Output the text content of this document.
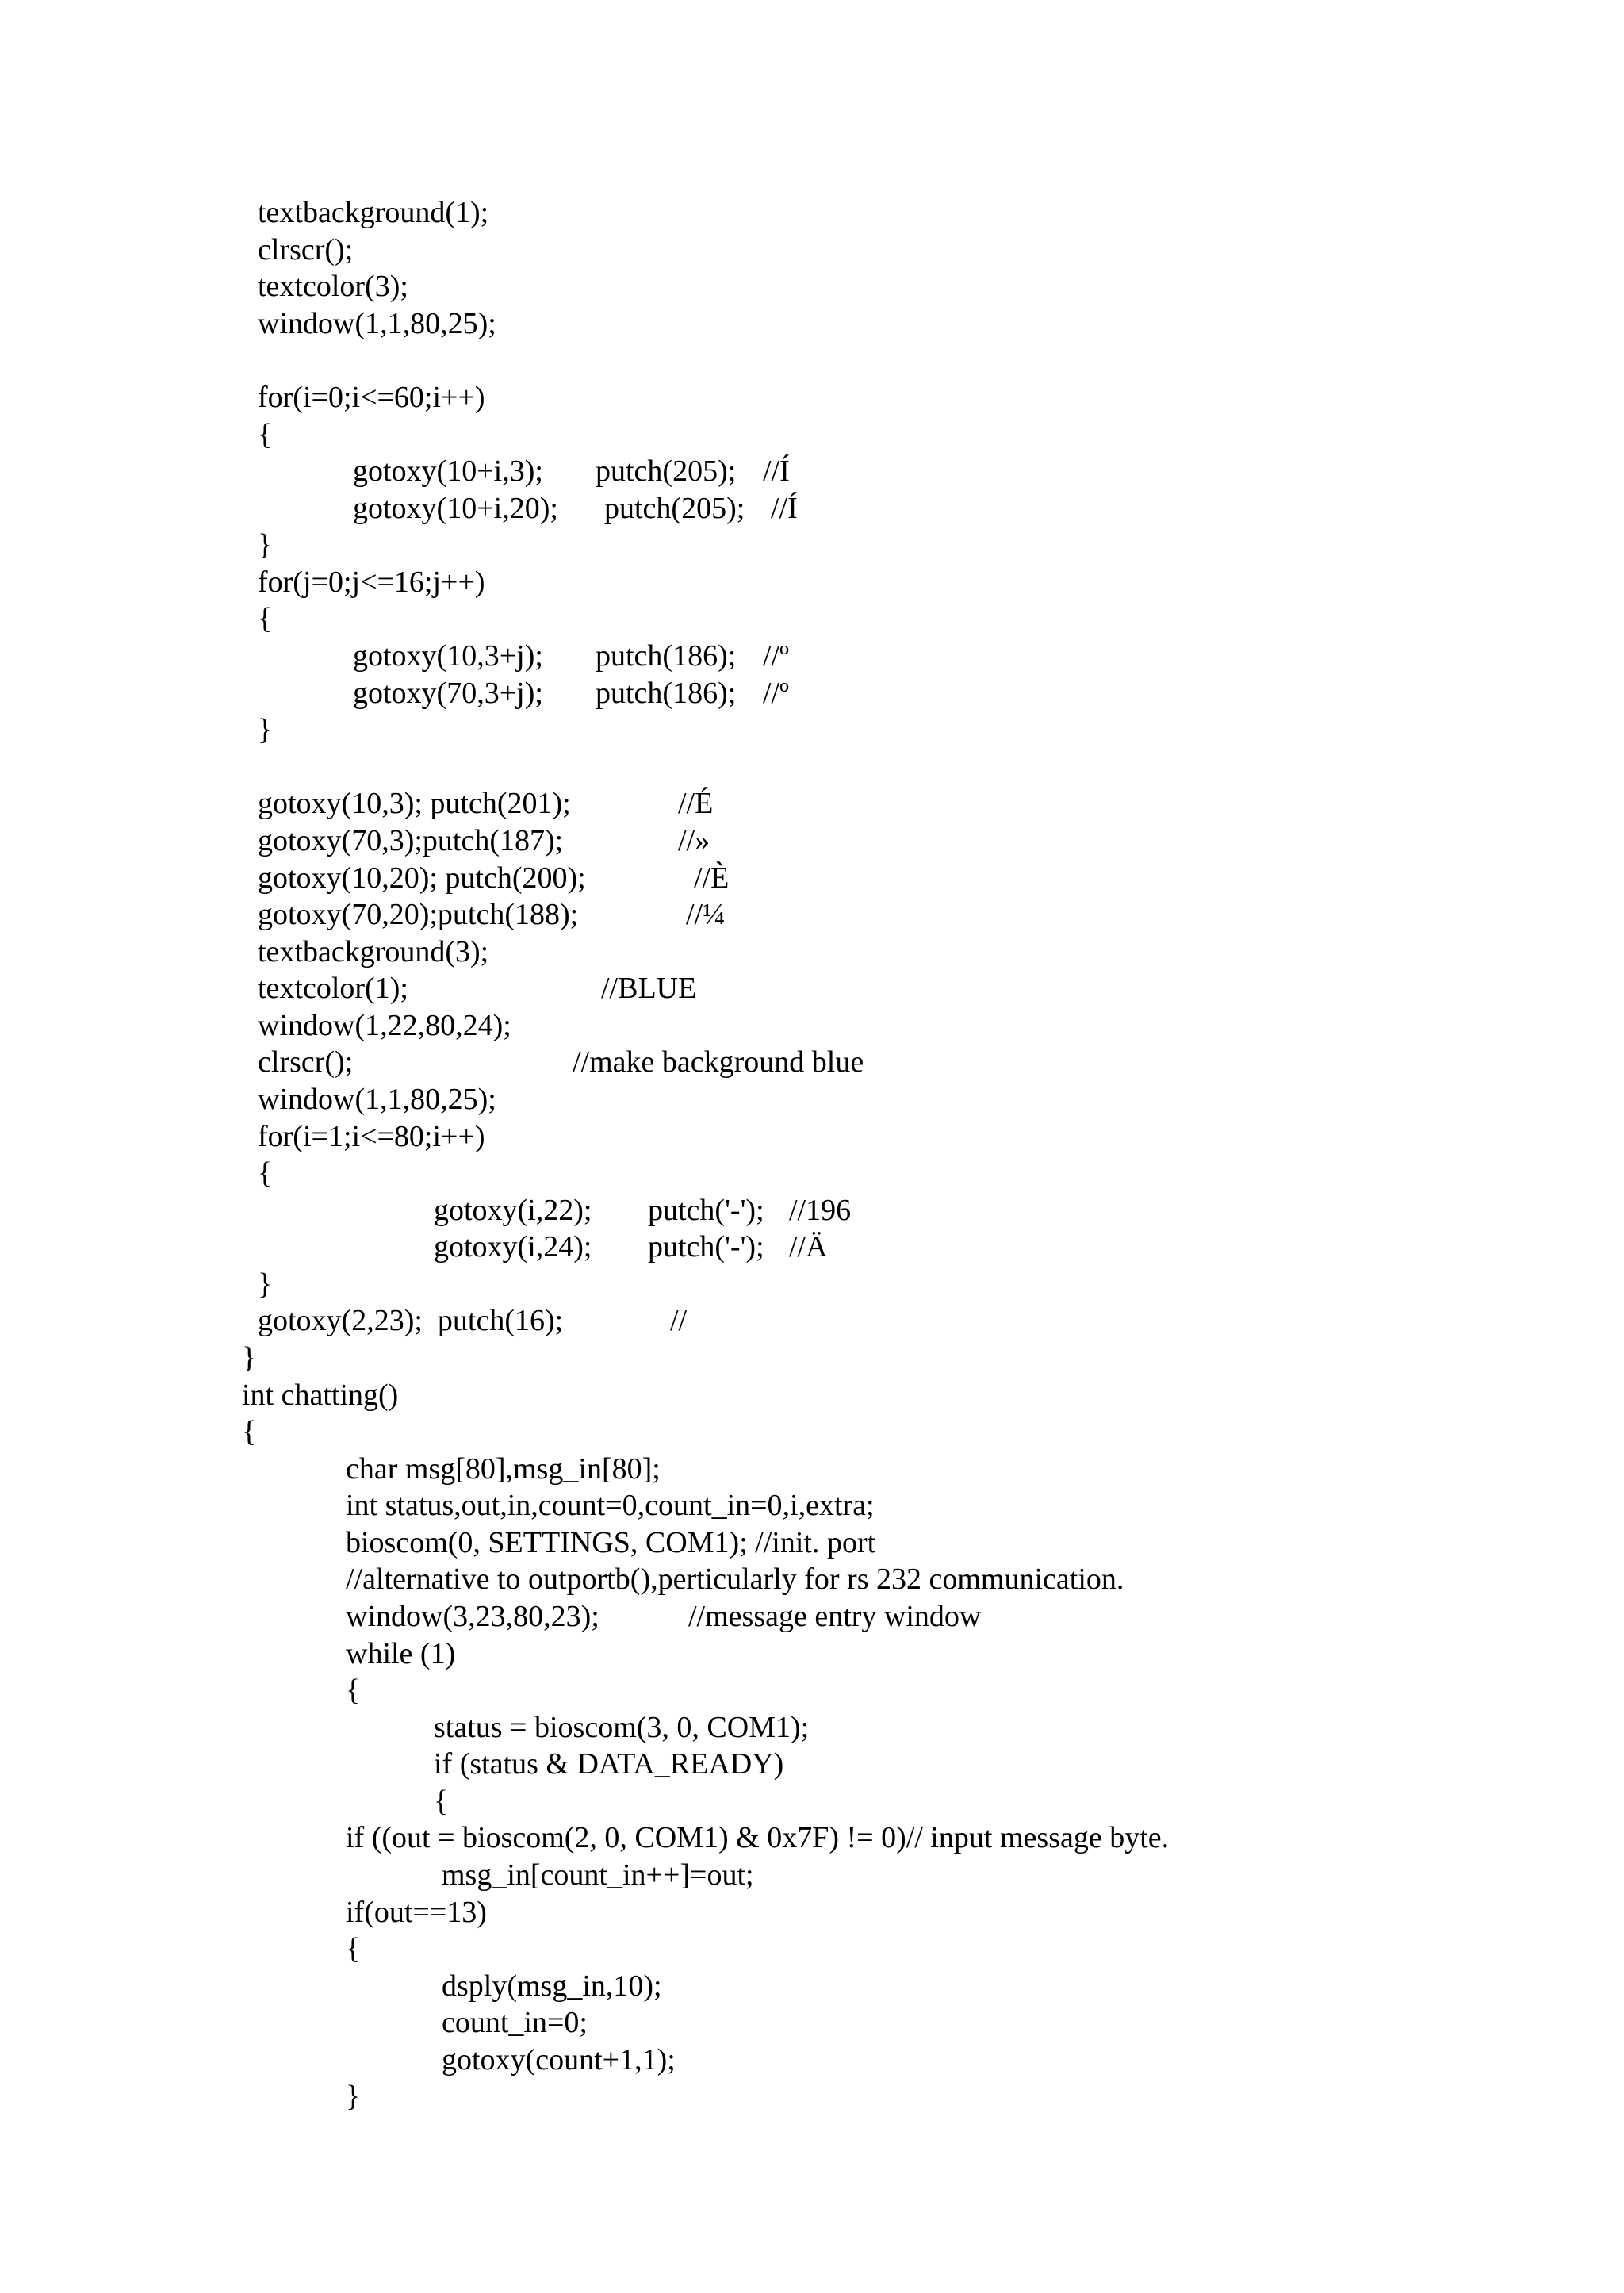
textbackground(1);
clrscr();
textcolor(3);
window(1,1,80,25);
for(i=0;i<=60;i++)
{

gotoxy(10+i,3);

putch(205);

//Í

gotoxy(10+i,20);

putch(205);

//Í

}
for(j=0;j<=16;j++)
{

gotoxy(10,3+j);

putch(186);

//º

gotoxy(70,3+j);

putch(186);

//º

}

gotoxy(10,3); putch(201);

	//É

gotoxy(70,3);putch(187);

	//»

gotoxy(10,20); putch(200);

	//È

gotoxy(70,20);putch(188);

	//¼

textbackground(3);

textcolor(1);

	//BLUE

window(1,22,80,24);

clrscr();

	//make background blue

window(1,1,80,25);
for(i=1;i<=80;i++)
{

gotoxy(i,22);

putch('-');

//196

gotoxy(i,24);

putch('-');

//Ä

}

gotoxy(2,23);  putch(16);

	//

}
int chatting()
{
char msg[80],msg_in[80];
int status,out,in,count=0,count_in=0,i,extra;
bioscom(0, SETTINGS, COM1); //init. port
//alternative to outportb(),perticularly for rs 232 communication.

window(3,23,80,23);

	//message entry window

while (1)
{
status = bioscom(3, 0, COM1);
if (status & DATA_READY)
{
if ((out = bioscom(2, 0, COM1) & 0x7F) != 0)// input message byte.
msg_in[count_in++]=out;
if(out==13)
{
dsply(msg_in,10);
count_in=0;
gotoxy(count+1,1);
}
